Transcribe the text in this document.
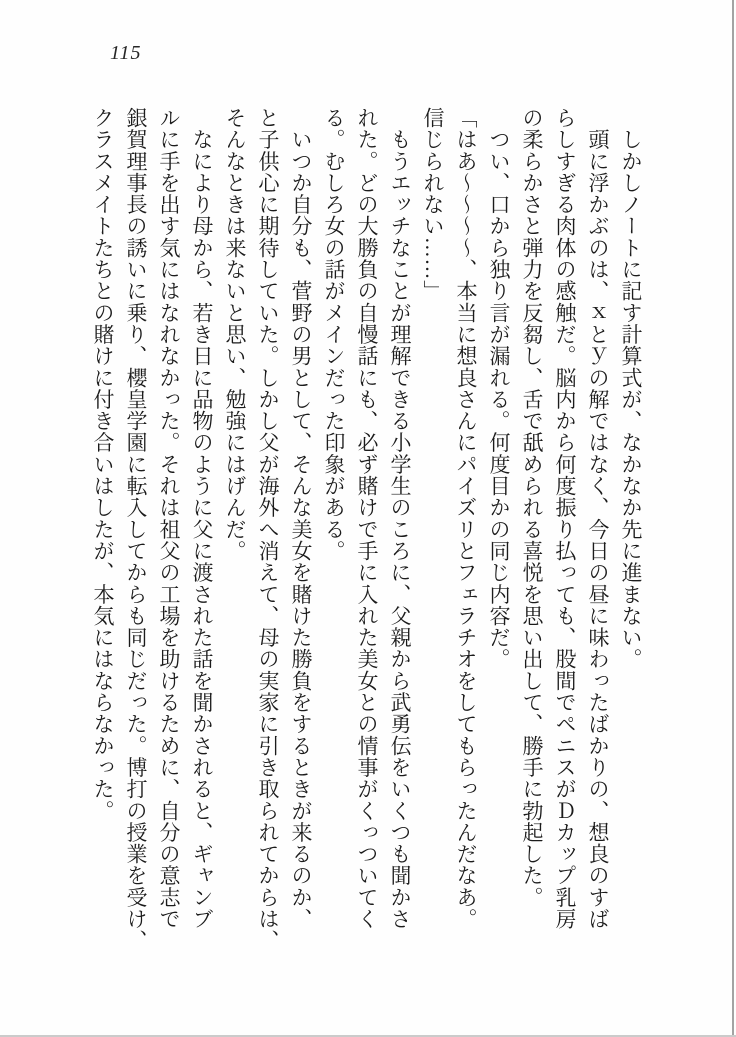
115

　しかしノートに記す計算式が、なかなか先に進まない。

　頭に浮かぶのは、ｘとｙの解ではなく、今日の昼に味わったばかりの、想良のすば

らしすぎる肉体の感触だ。脳内から何度振り払っても、股間でペニスがＤカップ乳房

の柔らかさと弾力を反芻し、舌で舐められる喜悦を思い出して、勝手に勃起した。

　つい、口から独り言が漏れる。何度目かの同じ内容だ。

「はあ～～～～、本当に想良さんにパイズリとフェラチオをしてもらったんだなあ。

信じられない……」

　もうエッチなことが理解できる小学生のころに、父親から武勇伝をいくつも聞かさ

れた。どの大勝負の自慢話にも、必ず賭けで手に入れた美女との情事がくっついてく

る。むしろ女の話がメインだった印象がある。

　いつか自分も、菅野の男として、そんな美女を賭けた勝負をするときが来るのか、

と子供心に期待していた。しかし父が海外へ消えて、母の実家に引き取られてからは、

そんなときは来ないと思い、勉強にはげんだ。

　なにより母から、若き日に品物のように父に渡された話を聞かされると、ギャンブ

ルに手を出す気にはなれなかった。それは祖父の工場を助けるために、自分の意志で

銀賀理事長の誘いに乗り、櫻皇学園に転入してからも同じだった。博打の授業を受け、

クラスメイトたちとの賭けに付き合いはしたが、本気にはならなかった。
